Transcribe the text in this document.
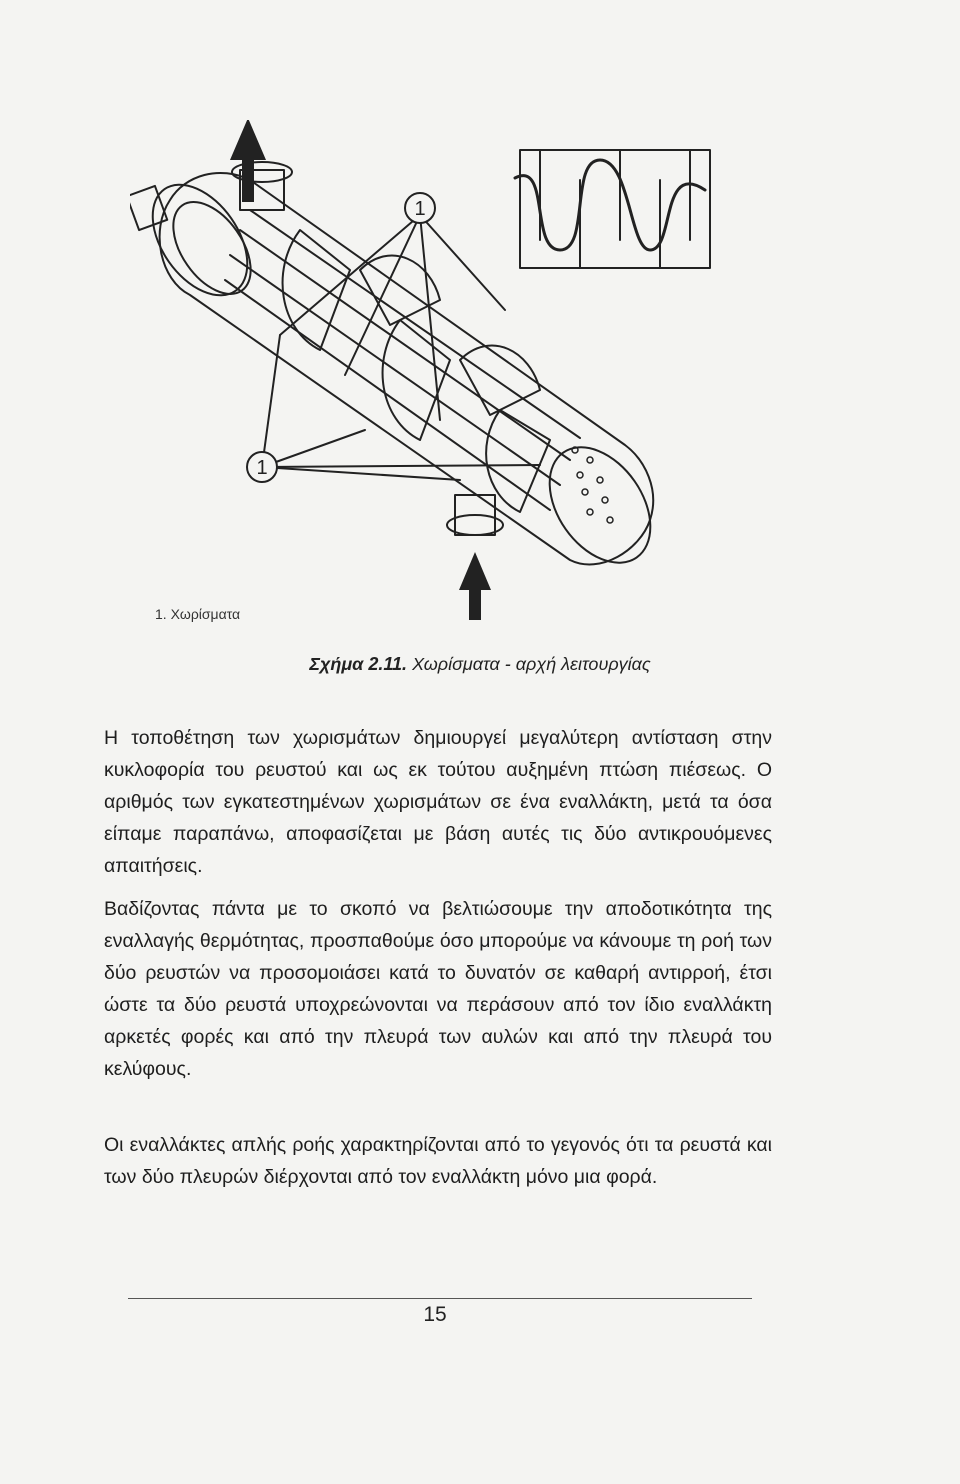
1
1
1. Χωρίσματα
Σχήμα 2.11. Χωρίσματα - αρχή λειτουργίας

Η τοποθέτηση των χωρισμάτων δημιουργεί μεγαλύτερη αντίσταση στην κυκλοφορία του ρευστού και ως εκ τούτου αυξημένη πτώση πιέσεως. Ο αριθμός των εγκατεστημένων χωρισμάτων σε ένα εναλλάκτη, μετά τα όσα είπαμε παραπάνω, αποφασίζεται με βάση αυτές τις δύο αντικρουόμενες απαιτήσεις.

Βαδίζοντας πάντα με το σκοπό να βελτιώσουμε την αποδοτικότητα της εναλλαγής θερμότητας, προσπαθούμε όσο μπορούμε να κάνουμε τη ροή των δύο ρευστών να προσομοιάσει κατά το δυνατόν σε καθαρή αντιρροή, έτσι ώστε τα δύο ρευστά υποχρεώνονται να περάσουν από τον ίδιο εναλλάκτη αρκετές φορές και από την πλευρά των αυλών και από την πλευρά του κελύφους.

Οι εναλλάκτες απλής ροής χαρακτηρίζονται από το γεγονός ότι τα ρευστά και των δύο πλευρών διέρχονται από τον εναλλάκτη μόνο μια φορά.

15
